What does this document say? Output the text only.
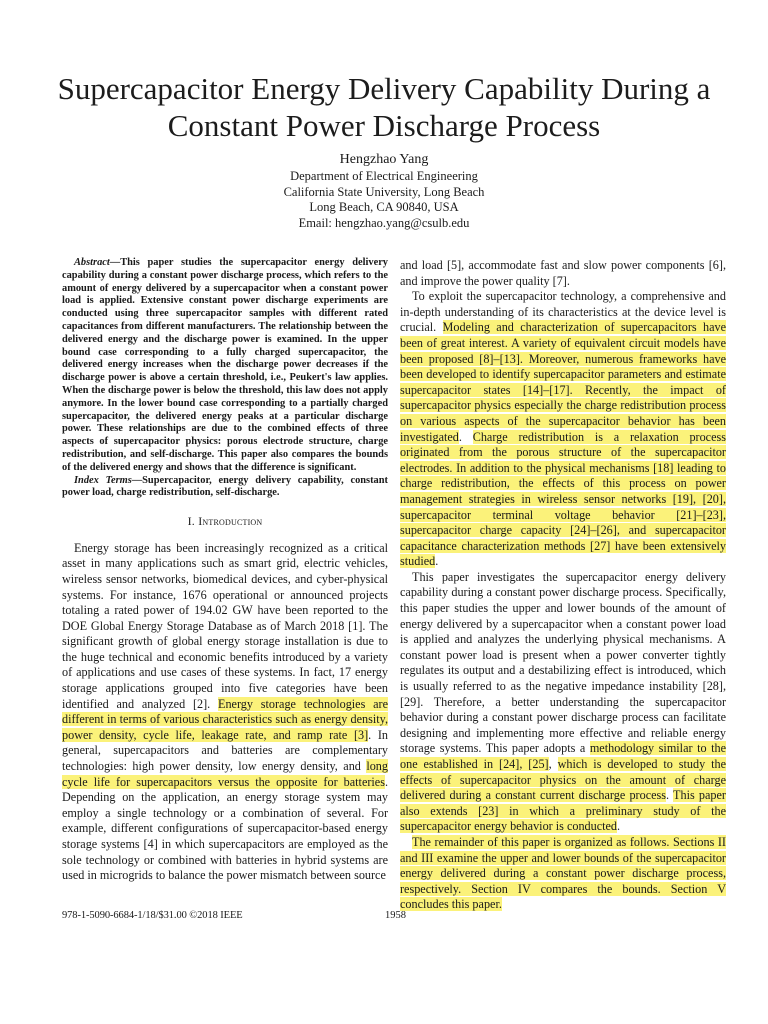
Supercapacitor Energy Delivery Capability During a Constant Power Discharge Process
Hengzhao Yang
Department of Electrical Engineering
California State University, Long Beach
Long Beach, CA 90840, USA
Email: hengzhao.yang@csulb.edu

Abstract—This paper studies the supercapacitor energy delivery capability during a constant power discharge process, which refers to the amount of energy delivered by a supercapacitor when a constant power load is applied. Extensive constant power discharge experiments are conducted using three supercapacitor samples with different rated capacitances from different manufacturers. The relationship between the delivered energy and the discharge power is examined. In the upper bound case corresponding to a fully charged supercapacitor, the delivered energy increases when the discharge power decreases if the discharge power is above a certain threshold, i.e., Peukert's law applies. When the discharge power is below the threshold, this law does not apply anymore. In the lower bound case corresponding to a partially charged supercapacitor, the delivered energy peaks at a particular discharge power. These relationships are due to the combined effects of three aspects of supercapacitor physics: porous electrode structure, charge redistribution, and self-discharge. This paper also compares the bounds of the delivered energy and shows that the difference is significant.

Index Terms—Supercapacitor, energy delivery capability, constant power load, charge redistribution, self-discharge.

I. Introduction

Energy storage has been increasingly recognized as a critical asset in many applications such as smart grid, electric vehicles, wireless sensor networks, biomedical devices, and cyber-physical systems. For instance, 1676 operational or announced projects totaling a rated power of 194.02 GW have been reported to the DOE Global Energy Storage Database as of March 2018 [1]. The significant growth of global energy storage installation is due to the huge technical and economic benefits introduced by a variety of applications and use cases of these systems. In fact, 17 energy storage applications grouped into five categories have been identified and analyzed [2]. Energy storage technologies are different in terms of various characteristics such as energy density, power density, cycle life, leakage rate, and ramp rate [3]. In general, supercapacitors and batteries are complementary technologies: high power density, low energy density, and long cycle life for supercapacitors versus the opposite for batteries. Depending on the application, an energy storage system may employ a single technology or a combination of several. For example, different configurations of supercapacitor-based energy storage systems [4] in which supercapacitors are employed as the sole technology or combined with batteries in hybrid systems are used in microgrids to balance the power mismatch between source

and load [5], accommodate fast and slow power components [6], and improve the power quality [7].

To exploit the supercapacitor technology, a comprehensive and in-depth understanding of its characteristics at the device level is crucial. Modeling and characterization of supercapacitors have been of great interest. A variety of equivalent circuit models have been proposed [8]–[13]. Moreover, numerous frameworks have been developed to identify supercapacitor parameters and estimate supercapacitor states [14]–[17]. Recently, the impact of supercapacitor physics especially the charge redistribution process on various aspects of the supercapacitor behavior has been investigated. Charge redistribution is a relaxation process originated from the porous structure of the supercapacitor electrodes. In addition to the physical mechanisms [18] leading to charge redistribution, the effects of this process on power management strategies in wireless sensor networks [19], [20], supercapacitor terminal voltage behavior [21]–[23], supercapacitor charge capacity [24]–[26], and supercapacitor capacitance characterization methods [27] have been extensively studied.

This paper investigates the supercapacitor energy delivery capability during a constant power discharge process. Specifically, this paper studies the upper and lower bounds of the amount of energy delivered by a supercapacitor when a constant power load is applied and analyzes the underlying physical mechanisms. A constant power load is present when a power converter tightly regulates its output and a destabilizing effect is introduced, which is usually referred to as the negative impedance instability [28], [29]. Therefore, a better understanding the supercapacitor behavior during a constant power discharge process can facilitate designing and implementing more effective and reliable energy storage systems. This paper adopts a methodology similar to the one established in [24], [25], which is developed to study the effects of supercapacitor physics on the amount of charge delivered during a constant current discharge process. This paper also extends [23] in which a preliminary study of the supercapacitor energy behavior is conducted.

The remainder of this paper is organized as follows. Sections II and III examine the upper and lower bounds of the supercapacitor energy delivered during a constant power discharge process, respectively. Section IV compares the bounds. Section V concludes this paper.

978-1-5090-6684-1/18/$31.00 ©2018 IEEE	1958
